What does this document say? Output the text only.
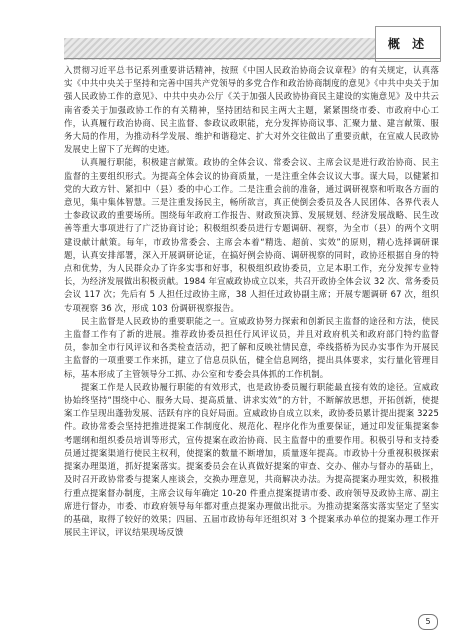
概 述

入贯彻习近平总书记系列重要讲话精神，按照《中国人民政治协商会议章程》的有关规定，认真落实《中共中央关于坚持和完善中国共产党领导的多党合作和政治协商制度的意见》《中共中央关于加强人民政协工作的意见》、中共中央办公厅《关于加强人民政协协商民主建设的实施意见》及中共云南省委关于加强政协工作的有关精神，坚持团结和民主两大主题，紧紧围绕市委、市政府中心工作，认真履行政治协商、民主监督、参政议政职能，充分发挥协商议事、汇聚力量、建言献策、服务大局的作用，为推动科学发展、维护和谐稳定、扩大对外交往做出了重要贡献，在宣威人民政协发展史上留下了光辉的史迹。

认真履行职能，积极建言献策。政协的全体会议、常委会议、主席会议是进行政治协商、民主监督的主要组织形式。为提高全体会议的协商质量，一是注重全体会议议大事。谋大局，以健紧扣党的大政方针、紧扣中（县）委的中心工作。二是注重会前的准备，通过调研视察和听取各方面的意见，集中集体智慧。三是注重发扬民主，畅所欲言，真正使倒会委员及各人民团体、各界代表人士参政议政的重要场所。围绕每年政府工作报告、财政预决算、发展规划、经济发展战略、民生改善等重大事项进行了广泛协商讨论；积极组织委员进行专题调研、视察，为全市（县）的两个文明建设献计献策。每年，市政协常委会、主席会本着“精选、超前、实效”的原则，精心选择调研课题，认真安排部署，深入开展调研论证，在搞好例会协商、调研视察的同时，政协还根据自身的特点和优势，为人民群众办了许多实事和好事，积极组织政协委员，立足本职工作，充分发挥专业特长，为经济发展做出积极贡献。1984 年宣威政协成立以来，共召开政协全体会议 32 次、常务委员会议 117 次；先后有 5 人担任过政协主席，38 人担任过政协副主席；开展专题调研 67 次，组织专项视察 36 次，形成 103 份调研视察报告。

民主监督是人民政协的重要职能之一。宣威政协努力探索和创新民主监督的途径和方法，使民主监督工作有了新的进展。推荐政协委员担任行风评议员，并且对政府机关和政府部门特约监督员，参加全市行风评议和各类检查活动，把了解和反映社情民意，牵线搭桥为民办实事作为开展民主监督的一项重要工作来抓，建立了信息员队伍，健全信息网络，提出具体要求，实行量化管理目标，基本形成了主管领导分工抓、办公室和专委会具体抓的工作机制。

提案工作是人民政协履行职能的有效形式，也是政协委员履行职能最直接有效的途径。宣威政协始终坚持“围绕中心、服务大局、提高质量、讲求实效”的方针，不断解放思想，开拓创新，使提案工作呈现出蓬勃发展、活跃有序的良好局面。宣威政协自成立以来，政协委员累计提出提案 3225 件。政协常委会坚持把推进提案工作制度化、规范化、程序化作为重要保证，通过印发征集提案参考题纲和组织委员培训等形式，宣传提案在政治协商、民主监督中的重要作用。积极引导和支持委员通过提案渠道行使民主权利，使提案的数量不断增加，质量逐年提高。市政协十分重视积极探索提案办理渠道，抓好提案落实。提案委员会在认真做好提案的审查、交办、催办与督办的基础上，及时召开政协常委与提案人座谈会，交换办理意见，共商解决办法。为提高提案办理实效，积极推行重点提案督办制度，主席会议每年确定 10-20 件重点提案提请市委、政府领导及政协主席、副主席进行督办，市委、市政府领导每年都对重点提案办理做出批示。为推动提案落实落实坚定了坚实的基础，取得了较好的效果；四届、五届市政协每年还组织对 3 个提案承办单位的提案办理工作开展民主评议，评议结果现场反馈

5
